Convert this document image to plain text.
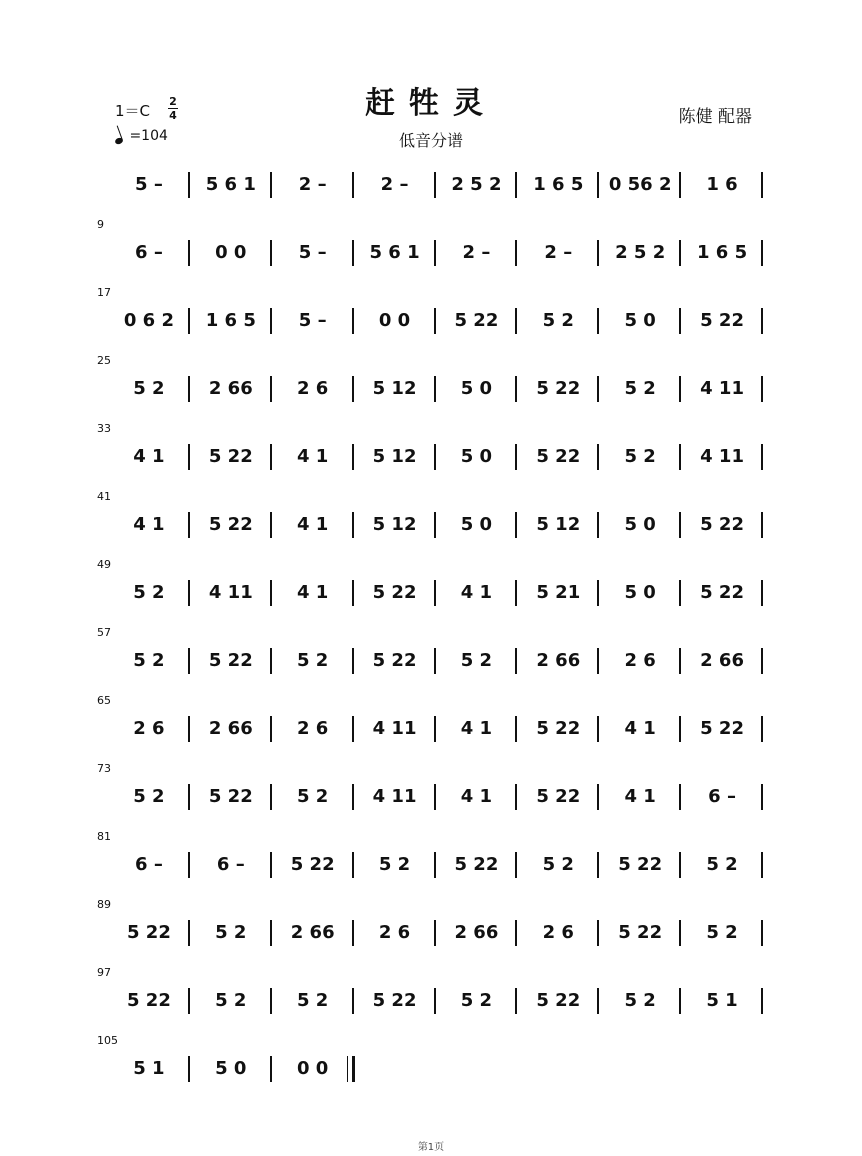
赶牲灵
低音分谱
陈健 配器
1＝C
2
4
=104
5 –	5 6 1	2 –	2 –	2 5 2	1 6 5	0 56 2	1 6
9
6 –	0 0	5 –	5 6 1	2 –	2 –	2 5 2	1 6 5
17
0 6 2	1 6 5	5 –	0 0	5 22	5 2	5 0	5 22
25
5 2	2 66	2 6	5 12	5 0	5 22	5 2	4 11
33
4 1	5 22	4 1	5 12	5 0	5 22	5 2	4 11
41
4 1	5 22	4 1	5 12	5 0	5 12	5 0	5 22
49
5 2	4 11	4 1	5 22	4 1	5 21	5 0	5 22
57
5 2	5 22	5 2	5 22	5 2	2 66	2 6	2 66
65
2 6	2 66	2 6	4 11	4 1	5 22	4 1	5 22
73
5 2	5 22	5 2	4 11	4 1	5 22	4 1	6 –
81
6 –	6 –	5 22	5 2	5 22	5 2	5 22	5 2
89
5 22	5 2	2 66	2 6	2 66	2 6	5 22	5 2
97
5 22	5 2	5 2	5 22	5 2	5 22	5 2	5 1
105
5 1	5 0	0 0
第1页
